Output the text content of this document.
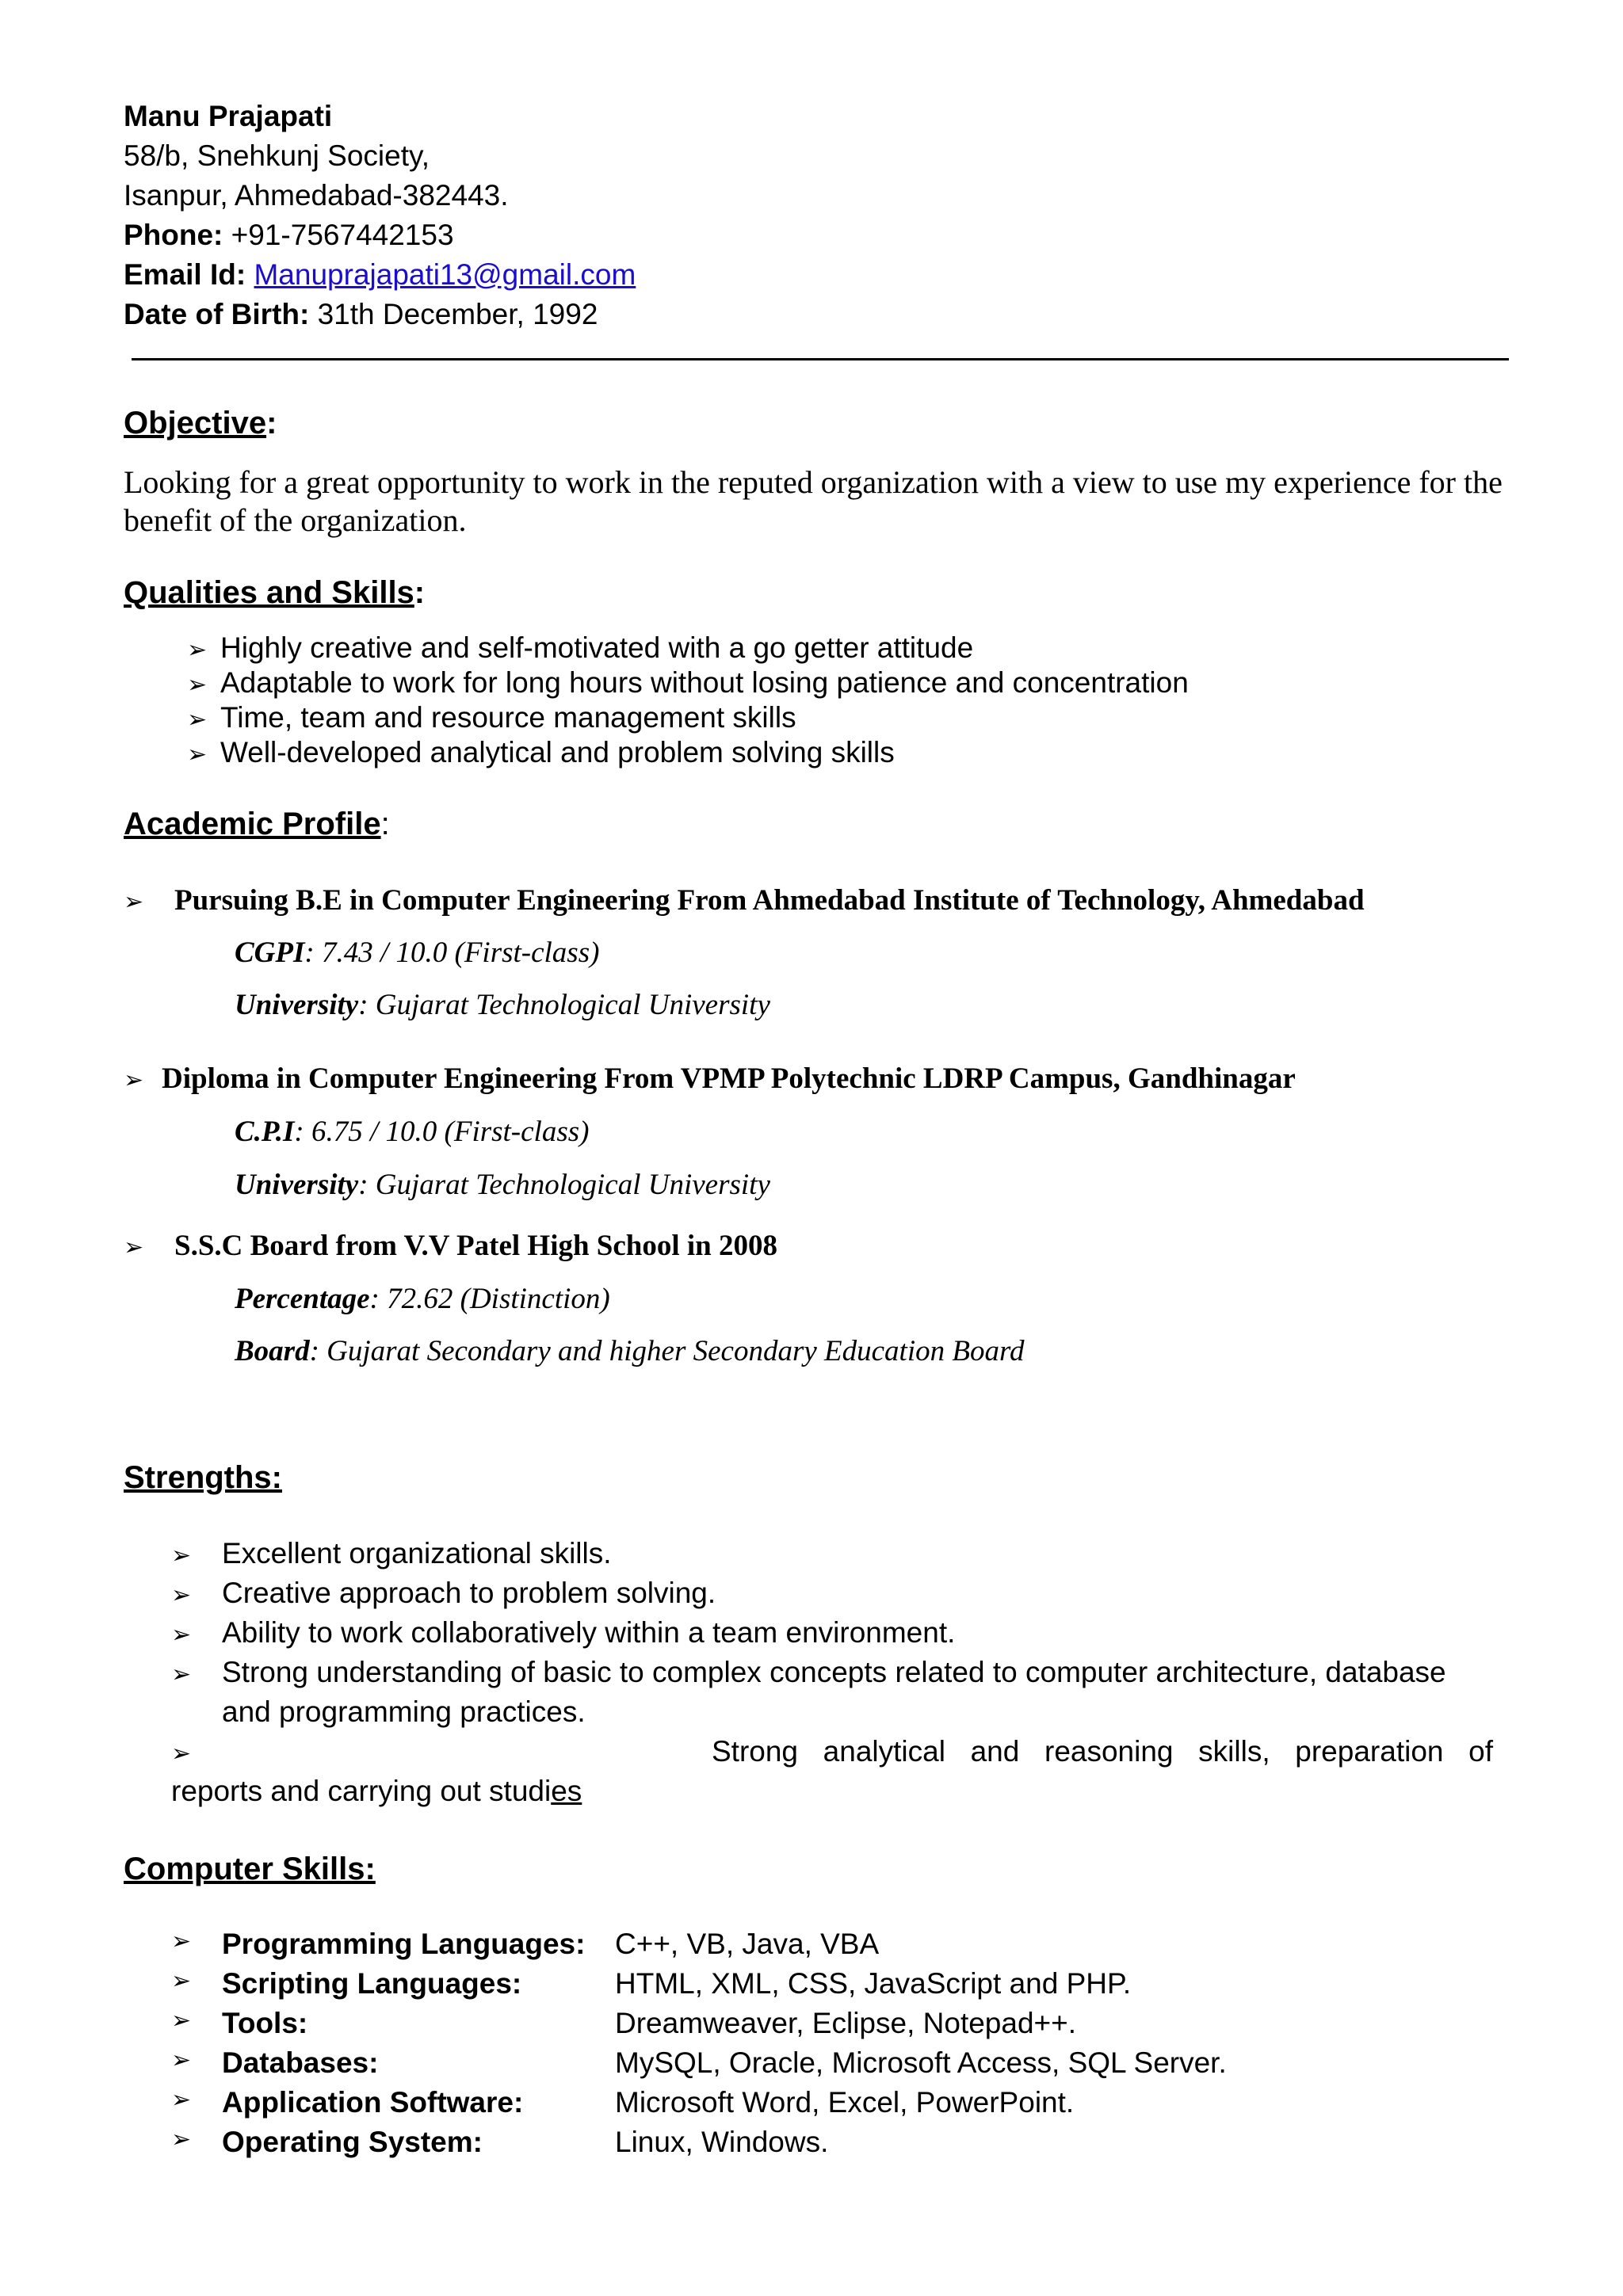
Manu Prajapati
58/b, Snehkunj Society,
Isanpur, Ahmedabad-382443.
Phone: +91-7567442153
Email Id: Manuprajapati13@gmail.com
Date of Birth: 31th December, 1992
Objective:
Looking for a great opportunity to work in the reputed organization with a view to use my experience for the benefit of the organization.
Qualities and Skills:
➢ Highly creative and self-motivated with a go getter attitude
➢ Adaptable to work for long hours without losing patience and concentration
➢ Time, team and resource management skills
➢ Well-developed analytical and problem solving skills
Academic Profile:
➢ Pursuing B.E in Computer Engineering From Ahmedabad Institute of Technology, Ahmedabad
CGPI: 7.43 / 10.0 (First-class)
University: Gujarat Technological University
➢ Diploma in Computer Engineering From VPMP Polytechnic LDRP Campus, Gandhinagar
C.P.I: 6.75 / 10.0 (First-class)
University: Gujarat Technological University
➢ S.S.C Board from V.V Patel High School in 2008
Percentage: 72.62 (Distinction)
Board: Gujarat Secondary and higher Secondary Education Board
Strengths:
➢ Excellent organizational skills.
➢ Creative approach to problem solving.
➢ Ability to work collaboratively within a team environment.
➢ Strong understanding of basic to complex concepts related to computer architecture, database
and programming practices.
➢	Strong analytical and reasoning skills, preparation of
reports and carrying out studies
Computer Skills:
➢ Programming Languages: C++, VB, Java, VBA
➢ Scripting Languages:	HTML, XML, CSS, JavaScript and PHP.
➢ Tools:	Dreamweaver, Eclipse, Notepad++.
➢ Databases:	MySQL, Oracle, Microsoft Access, SQL Server.
➢ Application Software:	Microsoft Word, Excel, PowerPoint.
➢ Operating System:	Linux, Windows.
